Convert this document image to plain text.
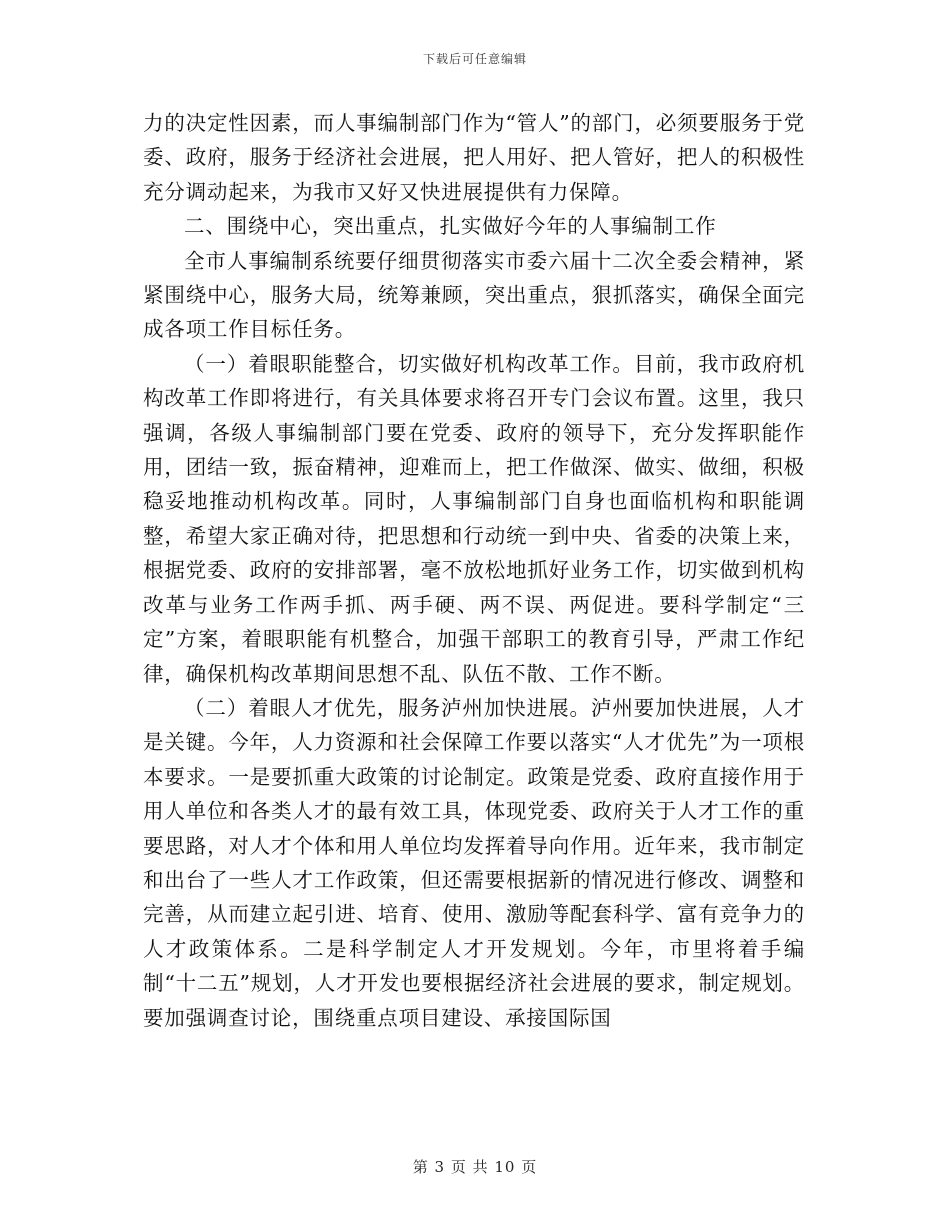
下载后可任意编辑

力的决定性因素，而人事编制部门作为“管人”的部门，必须要服务于党委、政府，服务于经济社会进展，把人用好、把人管好，把人的积极性充分调动起来，为我市又好又快进展提供有力保障。

二、围绕中心，突出重点，扎实做好今年的人事编制工作

全市人事编制系统要仔细贯彻落实市委六届十二次全委会精神，紧紧围绕中心，服务大局，统筹兼顾，突出重点，狠抓落实，确保全面完成各项工作目标任务。

（一）着眼职能整合，切实做好机构改革工作。目前，我市政府机构改革工作即将进行，有关具体要求将召开专门会议布置。这里，我只强调，各级人事编制部门要在党委、政府的领导下，充分发挥职能作用，团结一致，振奋精神，迎难而上，把工作做深、做实、做细，积极稳妥地推动机构改革。同时，人事编制部门自身也面临机构和职能调整，希望大家正确对待，把思想和行动统一到中央、省委的决策上来，根据党委、政府的安排部署，毫不放松地抓好业务工作，切实做到机构改革与业务工作两手抓、两手硬、两不误、两促进。要科学制定“三定”方案，着眼职能有机整合，加强干部职工的教育引导，严肃工作纪律，确保机构改革期间思想不乱、队伍不散、工作不断。

（二）着眼人才优先，服务泸州加快进展。泸州要加快进展，人才是关键。今年，人力资源和社会保障工作要以落实“人才优先”为一项根本要求。一是要抓重大政策的讨论制定。政策是党委、政府直接作用于用人单位和各类人才的最有效工具，体现党委、政府关于人才工作的重要思路，对人才个体和用人单位均发挥着导向作用。近年来，我市制定和出台了一些人才工作政策，但还需要根据新的情况进行修改、调整和完善，从而建立起引进、培育、使用、激励等配套科学、富有竞争力的人才政策体系。二是科学制定人才开发规划。今年，市里将着手编制“十二五”规划，人才开发也要根据经济社会进展的要求，制定规划。要加强调查讨论，围绕重点项目建设、承接国际国

第 3 页 共 10 页
